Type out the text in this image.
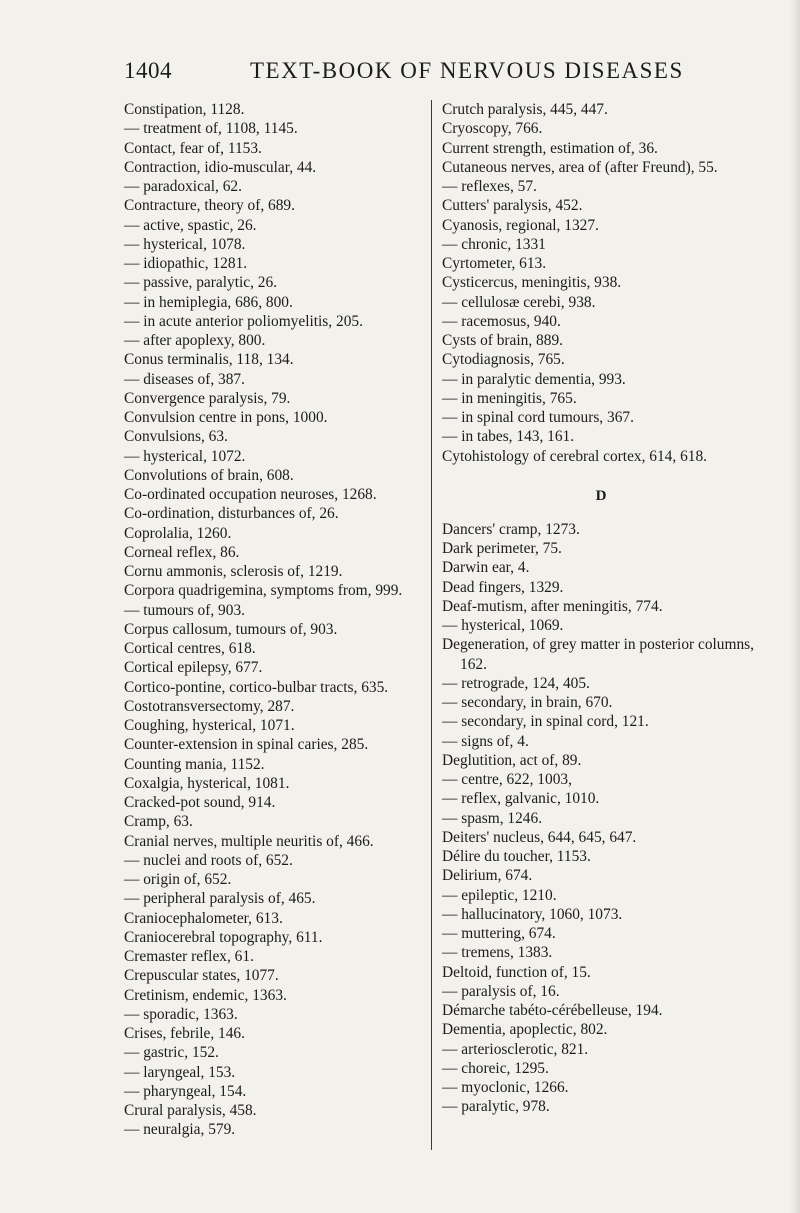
1404	TEXT-BOOK OF NERVOUS DISEASES
Constipation, 1128.
— treatment of, 1108, 1145.
Contact, fear of, 1153.
Contraction, idio-muscular, 44.
— paradoxical, 62.
Contracture, theory of, 689.
— active, spastic, 26.
— hysterical, 1078.
— idiopathic, 1281.
— passive, paralytic, 26.
— in hemiplegia, 686, 800.
— in acute anterior poliomyelitis, 205.
— after apoplexy, 800.
Conus terminalis, 118, 134.
— diseases of, 387.
Convergence paralysis, 79.
Convulsion centre in pons, 1000.
Convulsions, 63.
— hysterical, 1072.
Convolutions of brain, 608.
Co-ordinated occupation neuroses, 1268.
Co-ordination, disturbances of, 26.
Coprolalia, 1260.
Corneal reflex, 86.
Cornu ammonis, sclerosis of, 1219.
Corpora quadrigemina, symptoms from, 999.
— tumours of, 903.
Corpus callosum, tumours of, 903.
Cortical centres, 618.
Cortical epilepsy, 677.
Cortico-pontine, cortico-bulbar tracts, 635.
Costotransversectomy, 287.
Coughing, hysterical, 1071.
Counter-extension in spinal caries, 285.
Counting mania, 1152.
Coxalgia, hysterical, 1081.
Cracked-pot sound, 914.
Cramp, 63.
Cranial nerves, multiple neuritis of, 466.
— nuclei and roots of, 652.
— origin of, 652.
— peripheral paralysis of, 465.
Craniocephalometer, 613.
Craniocerebral topography, 611.
Cremaster reflex, 61.
Crepuscular states, 1077.
Cretinism, endemic, 1363.
— sporadic, 1363.
Crises, febrile, 146.
— gastric, 152.
— laryngeal, 153.
— pharyngeal, 154.
Crural paralysis, 458.
— neuralgia, 579.
Crutch paralysis, 445, 447.
Cryoscopy, 766.
Current strength, estimation of, 36.
Cutaneous nerves, area of (after Freund), 55.
— reflexes, 57.
Cutters' paralysis, 452.
Cyanosis, regional, 1327.
— chronic, 1331
Cyrtometer, 613.
Cysticercus, meningitis, 938.
— cellulosæ cerebi, 938.
— racemosus, 940.
Cysts of brain, 889.
Cytodiagnosis, 765.
— in paralytic dementia, 993.
— in meningitis, 765.
— in spinal cord tumours, 367.
— in tabes, 143, 161.
Cytohistology of cerebral cortex, 614, 618.
D
Dancers' cramp, 1273.
Dark perimeter, 75.
Darwin ear, 4.
Dead fingers, 1329.
Deaf-mutism, after meningitis, 774.
— hysterical, 1069.
Degeneration, of grey matter in posterior columns, 162.
— retrograde, 124, 405.
— secondary, in brain, 670.
— secondary, in spinal cord, 121.
— signs of, 4.
Deglutition, act of, 89.
— centre, 622, 1003,
— reflex, galvanic, 1010.
— spasm, 1246.
Deiters' nucleus, 644, 645, 647.
Délire du toucher, 1153.
Delirium, 674.
— epileptic, 1210.
— hallucinatory, 1060, 1073.
— muttering, 674.
— tremens, 1383.
Deltoid, function of, 15.
— paralysis of, 16.
Démarche tabéto-cérébelleuse, 194.
Dementia, apoplectic, 802.
— arteriosclerotic, 821.
— choreic, 1295.
— myoclonic, 1266.
— paralytic, 978.
